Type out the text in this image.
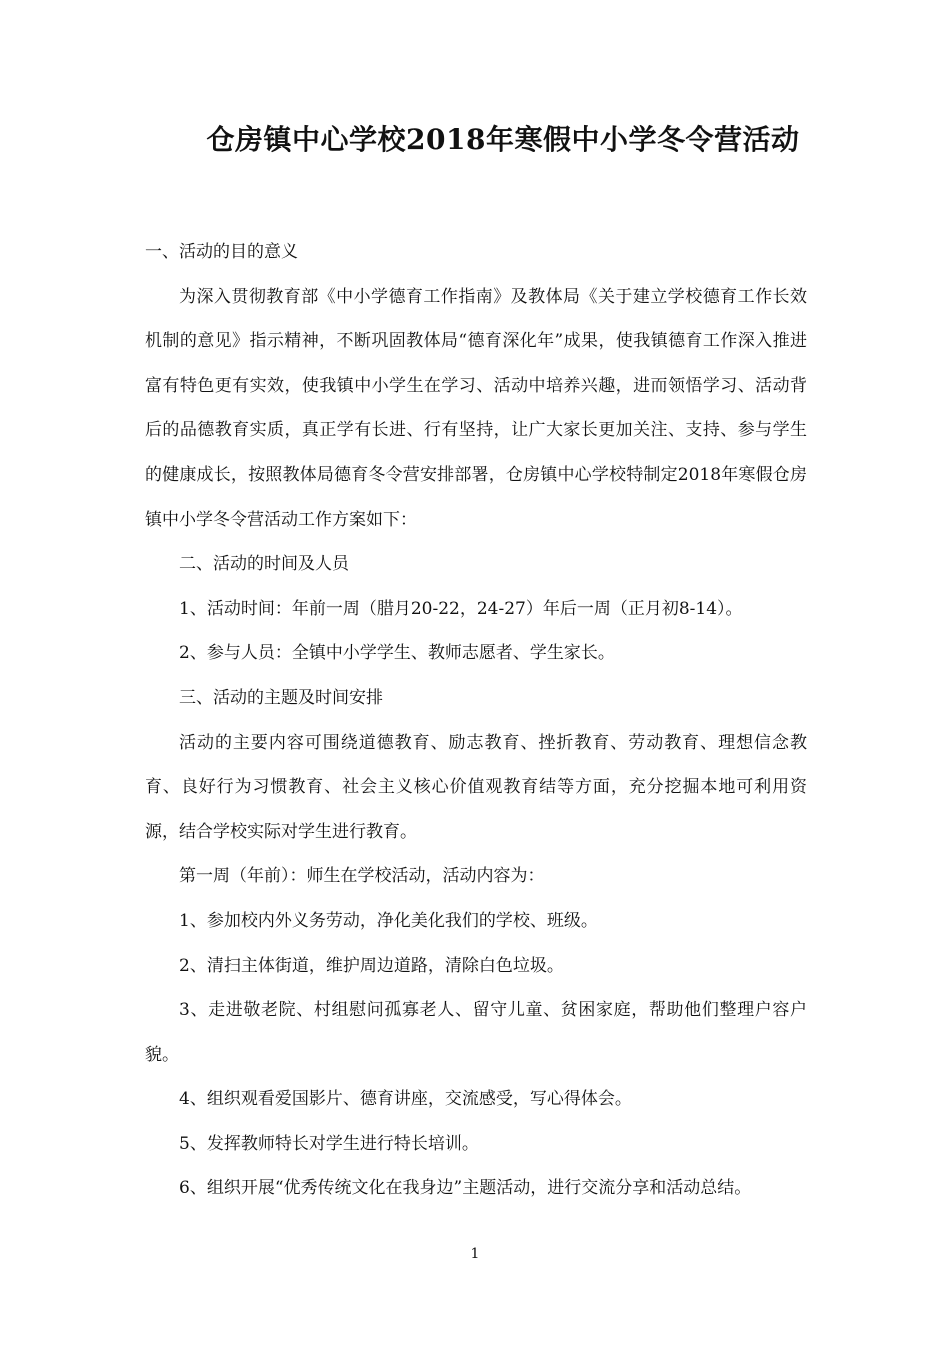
仓房镇中心学校2018年寒假中小学冬令营活动

一、活动的目的意义

为深入贯彻教育部《中小学德育工作指南》及教体局《关于建立学校德育工作长效机制的意见》指示精神，不断巩固教体局“德育深化年”成果，使我镇德育工作深入推进富有特色更有实效，使我镇中小学生在学习、活动中培养兴趣，进而领悟学习、活动背后的品德教育实质，真正学有长进、行有坚持，让广大家长更加关注、支持、参与学生的健康成长，按照教体局德育冬令营安排部署，仓房镇中心学校特制定2018年寒假仓房镇中小学冬令营活动工作方案如下：

二、活动的时间及人员

1、活动时间：年前一周（腊月20-22，24-27）年后一周（正月初8-14）。

2、参与人员：全镇中小学学生、教师志愿者、学生家长。

三、活动的主题及时间安排

活动的主要内容可围绕道德教育、励志教育、挫折教育、劳动教育、理想信念教育、良好行为习惯教育、社会主义核心价值观教育结等方面，充分挖掘本地可利用资源，结合学校实际对学生进行教育。

第一周（年前）：师生在学校活动，活动内容为：

1、参加校内外义务劳动，净化美化我们的学校、班级。

2、清扫主体街道，维护周边道路，清除白色垃圾。

3、走进敬老院、村组慰问孤寡老人、留守儿童、贫困家庭，帮助他们整理户容户貌。

4、组织观看爱国影片、德育讲座，交流感受，写心得体会。

5、发挥教师特长对学生进行特长培训。

6、组织开展“优秀传统文化在我身边”主题活动，进行交流分享和活动总结。

1
